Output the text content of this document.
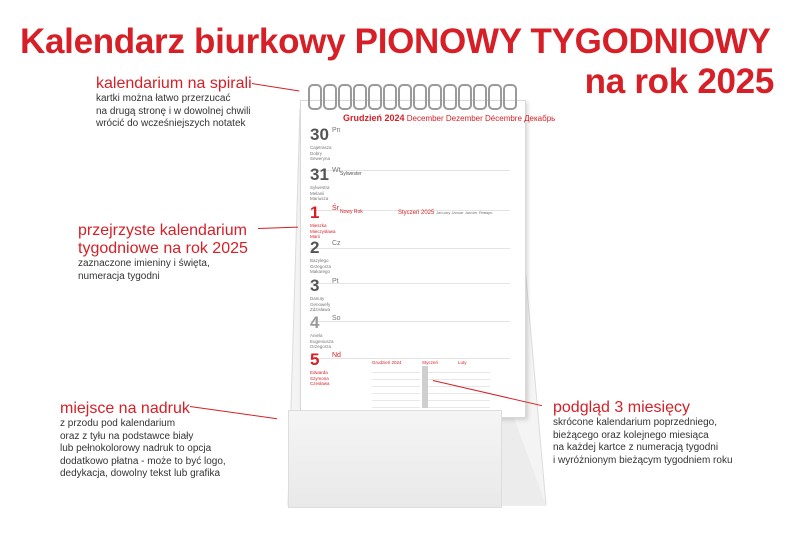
Kalendarz biurkowy PIONOWY TYGODNIOWY
na rok 2025
Grudzień 2024 December Dezember Décembre Декабрь
30 Pn
Cajetrasza
Dobry
Seweryna
31 Wt Sylwester
Sylwestra
Melanii
Mariusza
1 Śr Nowy Rok
Mieszka
Mieczysława
Marii
Styczeń 2025 January Januar Janvier Январь
2 Cz
Bazylego
Grzegorza
Makarego
3 Pt
Danuty
Genowefy
Zdzisława
4 So
Aniela
Eugeniusza
Grzegorza
5 Nd
Edwarda
Szymona
Czesława
Grudzień 2024	Styczeń	Luty
kalendarium na spirali
kartki można łatwo przerzucać
na drugą stronę i w dowolnej chwili
wrócić do wcześniejszych notatek
przejrzyste kalendarium
tygodniowe na rok 2025
zaznaczone imieniny i święta,
numeracja tygodni
miejsce na nadruk
z przodu pod kalendarium
oraz z tyłu na podstawce biały
lub pełnokolorowy nadruk to opcja
dodatkowo płatna - może to być logo,
dedykacja, dowolny tekst lub grafika
podgląd 3 miesięcy
skrócone kalendarium poprzedniego,
bieżącego oraz kolejnego miesiąca
na każdej kartce z numeracją tygodni
i wyróżnionym bieżącym tygodniem roku
